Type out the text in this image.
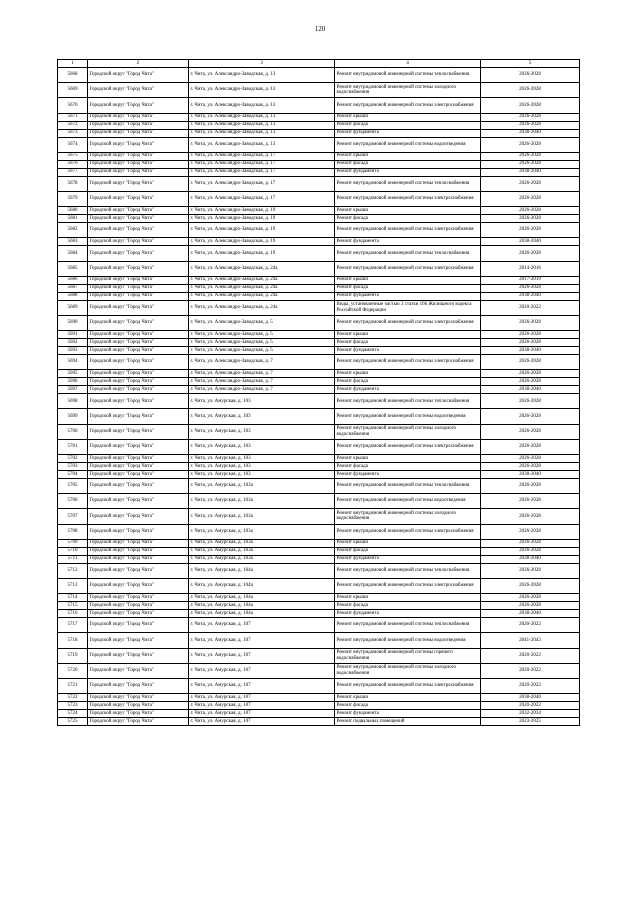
120
1	2	3	4	5
5668	Городской округ "Город Чита"	г. Чита, ул. Александро-Заводская, д. 13	Ремонт внутридомовой инженерной системы теплоснабжения	2026-2028
5669	Городской округ "Город Чита"	г. Чита, ул. Александро-Заводская, д. 13	Ремонт внутридомовой инженерной системы холодного водоснабжения	2026-2028
5670	Городской округ "Город Чита"	г. Чита, ул. Александро-Заводская, д. 13	Ремонт внутридомовой инженерной системы электроснабжения	2026-2028
5671	Городской округ "Город Чита"	г. Чита, ул. Александро-Заводская, д. 13	Ремонт крыши	2026-2028
5672	Городской округ "Город Чита"	г. Чита, ул. Александро-Заводская, д. 13	Ремонт фасада	2026-2028
5673	Городской округ "Город Чита"	г. Чита, ул. Александро-Заводская, д. 13	Ремонт фундамента	2038-2040
5674	Городской округ "Город Чита"	г. Чита, ул. Александро-Заводская, д. 13	Ремонт внутридомовой инженерной системы водоотведения	2026-2028
5675	Городской округ "Город Чита"	г. Чита, ул. Александро-Заводская, д. 17	Ремонт крыши	2026-2028
5676	Городской округ "Город Чита"	г. Чита, ул. Александро-Заводская, д. 17	Ремонт фасада	2026-2028
5677	Городской округ "Город Чита"	г. Чита, ул. Александро-Заводская, д. 17	Ремонт фундамента	2038-2040
5678	Городской округ "Город Чита"	г. Чита, ул. Александро-Заводская, д. 17	Ремонт внутридомовой инженерной системы теплоснабжения	2026-2028
5679	Городской округ "Город Чита"	г. Чита, ул. Александро-Заводская, д. 17	Ремонт внутридомовой инженерной системы электроснабжения	2026-2028
5680	Городской округ "Город Чита"	г. Чита, ул. Александро-Заводская, д. 19	Ремонт крыши	2026-2028
5681	Городской округ "Город Чита"	г. Чита, ул. Александро-Заводская, д. 19	Ремонт фасада	2026-2028
5682	Городской округ "Город Чита"	г. Чита, ул. Александро-Заводская, д. 19	Ремонт внутридомовой инженерной системы электроснабжения	2026-2028
5683	Городской округ "Город Чита"	г. Чита, ул. Александро-Заводская, д. 19	Ремонт фундамента	2038-2040
5684	Городской округ "Город Чита"	г. Чита, ул. Александро-Заводская, д. 19	Ремонт внутридомовой инженерной системы теплоснабжения	2026-2028
5685	Городской округ "Город Чита"	г. Чита, ул. Александро-Заводская, д. 24а	Ремонт внутридомовой инженерной системы электроснабжения	2014-2016
5686	Городской округ "Город Чита"	г. Чита, ул. Александро-Заводская, д. 24а	Ремонт крыши	2017-2019
5687	Городской округ "Город Чита"	г. Чита, ул. Александро-Заводская, д. 24а	Ремонт фасада	2026-2028
5688	Городской округ "Город Чита"	г. Чита, ул. Александро-Заводская, д. 24а	Ремонт фундамента	2038-2040
5689	Городской округ "Город Чита"	г. Чита, ул. Александро-Заводская, д. 24а	Виды, установленные частью 3 статьи 166 Жилищного кодекса Российской Федерации	2020-2022
5690	Городской округ "Город Чита"	г. Чита, ул. Александро-Заводская, д. 5	Ремонт внутридомовой инженерной системы электроснабжения	2026-2028
5691	Городской округ "Город Чита"	г. Чита, ул. Александро-Заводская, д. 5	Ремонт крыши	2026-2028
5692	Городской округ "Город Чита"	г. Чита, ул. Александро-Заводская, д. 5	Ремонт фасада	2026-2028
5693	Городской округ "Город Чита"	г. Чита, ул. Александро-Заводская, д. 5	Ремонт фундамента	2038-2040
5694	Городской округ "Город Чита"	г. Чита, ул. Александро-Заводская, д. 7	Ремонт внутридомовой инженерной системы электроснабжения	2026-2028
5695	Городской округ "Город Чита"	г. Чита, ул. Александро-Заводская, д. 7	Ремонт крыши	2026-2028
5696	Городской округ "Город Чита"	г. Чита, ул. Александро-Заводская, д. 7	Ремонт фасада	2026-2028
5697	Городской округ "Город Чита"	г. Чита, ул. Александро-Заводская, д. 7	Ремонт фундамента	2038-2040
5698	Городской округ "Город Чита"	г. Чита, ул. Амурская, д. 103	Ремонт внутридомовой инженерной системы теплоснабжения	2026-2028
5699	Городской округ "Город Чита"	г. Чита, ул. Амурская, д. 103	Ремонт внутридомовой инженерной системы водоотведения	2026-2028
5700	Городской округ "Город Чита"	г. Чита, ул. Амурская, д. 103	Ремонт внутридомовой инженерной системы холодного водоснабжения	2026-2028
5701	Городской округ "Город Чита"	г. Чита, ул. Амурская, д. 103	Ремонт внутридомовой инженерной системы электроснабжения	2026-2028
5702	Городской округ "Город Чита"	г. Чита, ул. Амурская, д. 103	Ремонт крыши	2026-2028
5703	Городской округ "Город Чита"	г. Чита, ул. Амурская, д. 103	Ремонт фасада	2026-2028
5704	Городской округ "Город Чита"	г. Чита, ул. Амурская, д. 103	Ремонт фундамента	2038-2040
5705	Городской округ "Город Чита"	г. Чита, ул. Амурская, д. 103а	Ремонт внутридомовой инженерной системы теплоснабжения	2026-2028
5706	Городской округ "Город Чита"	г. Чита, ул. Амурская, д. 103а	Ремонт внутридомовой инженерной системы водоотведения	2026-2028
5707	Городской округ "Город Чита"	г. Чита, ул. Амурская, д. 103а	Ремонт внутридомовой инженерной системы холодного водоснабжения	2026-2028
5708	Городской округ "Город Чита"	г. Чита, ул. Амурская, д. 103а	Ремонт внутридомовой инженерной системы электроснабжения	2026-2028
5709	Городской округ "Город Чита"	г. Чита, ул. Амурская, д. 103а	Ремонт крыши	2026-2028
5710	Городской округ "Город Чита"	г. Чита, ул. Амурская, д. 103а	Ремонт фасада	2026-2028
5711	Городской округ "Город Чита"	г. Чита, ул. Амурская, д. 103а	Ремонт фундамента	2038-2040
5712	Городской округ "Город Чита"	г. Чита, ул. Амурская, д. 104а	Ремонт внутридомовой инженерной системы теплоснабжения	2026-2028
5713	Городской округ "Город Чита"	г. Чита, ул. Амурская, д. 104а	Ремонт внутридомовой инженерной системы электроснабжения	2026-2028
5714	Городской округ "Город Чита"	г. Чита, ул. Амурская, д. 104а	Ремонт крыши	2026-2028
5715	Городской округ "Город Чита"	г. Чита, ул. Амурская, д. 104а	Ремонт фасада	2026-2028
5716	Городской округ "Город Чита"	г. Чита, ул. Амурская, д. 104а	Ремонт фундамента	2038-2040
5717	Городской округ "Город Чита"	г. Чита, ул. Амурская, д. 107	Ремонт внутридомовой инженерной системы теплоснабжения	2020-2022
5718	Городской округ "Город Чита"	г. Чита, ул. Амурская, д. 107	Ремонт внутридомовой инженерной системы водоотведения	2041-2043
5719	Городской округ "Город Чита"	г. Чита, ул. Амурская, д. 107	Ремонт внутридомовой инженерной системы горячего водоснабжения	2020-2022
5720	Городской округ "Город Чита"	г. Чита, ул. Амурская, д. 107	Ремонт внутридомовой инженерной системы холодного водоснабжения	2020-2022
5721	Городской округ "Город Чита"	г. Чита, ул. Амурская, д. 107	Ремонт внутридомовой инженерной системы электроснабжения	2020-2022
5722	Городской округ "Город Чита"	г. Чита, ул. Амурская, д. 107	Ремонт крыши	2038-2040
5723	Городской округ "Город Чита"	г. Чита, ул. Амурская, д. 107	Ремонт фасада	2020-2022
5724	Городской округ "Город Чита"	г. Чита, ул. Амурская, д. 107	Ремонт фундамента	2032-2034
5725	Городской округ "Город Чита"	г. Чита, ул. Амурская, д. 107	Ремонт подвальных помещений	2023-2025
